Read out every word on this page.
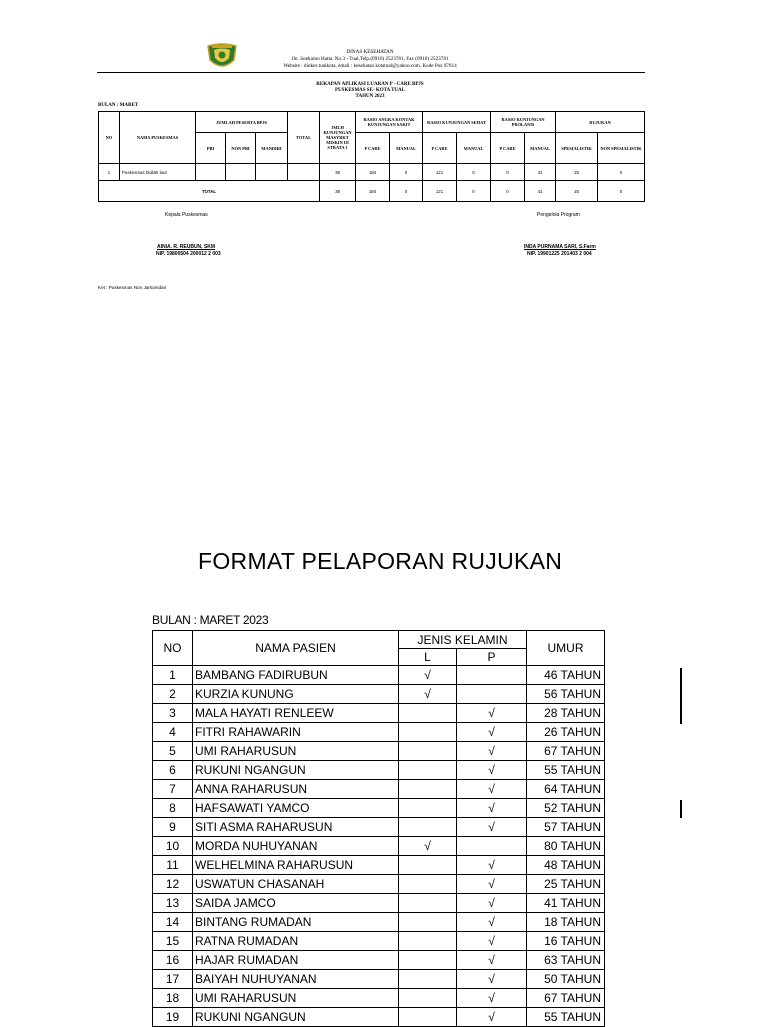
DINAS KESEHATAN
Jln. Soekarno Hatta. No.3 - Tual,Telp.(0916) 2523781, Fax (0916) 2523781
Website : dinkes tualkota, email : kesehatan kotatual@yahoo.com, Kode Pos 97614
REKAPAN APLIKASI LUARAN P - CARE BPJS
PUSKESMAS SE- KOTA TUAL
TAHUN 2023
BULAN : MARET
NO	NAMA PUSKESMAS	JUMLAH PESERTA BPJS			TOTAL	JMLH KUNJUNGAN MASYRKT MISKIN DI STRATA 1	RASIO ANGKA KONTAK KUNJUNGAN SAKIT		RASIO KUNJUNGAN SEHAT		RASIO KUNJUNGAN PROLANIS		RUJUKAN	
		PBI	NON PBI	MANDIRI			P CARE	MANUAL	P CARE	MANUAL	P CARE	MANUAL	SPESIALISTIK	NON SPESIALISTIK
1	Puskesmas Dullah laut					39	184	0	121	0	0	41	25	0
TOTAL						39	184	0	121	0	0	41	25	0
Kepala Puskesmas
AINIA. R. REUBUN, SKM
NIP. 19800504 200012 2 003
Pengelola Program
INDA PURNAMA SARI, S.Farm
NIP. 19901225 201403 2 004
Ket : Puskesmas Non Jarkomdari
FORMAT PELAPORAN RUJUKAN
BULAN : MARET 2023
NO	NAMA PASIEN	JENIS KELAMIN		UMUR
		L	P	
1	BAMBANG FADIRUBUN	√		46 TAHUN
2	KURZIA KUNUNG	√		56 TAHUN
3	MALA HAYATI RENLEEW		√	28 TAHUN
4	FITRI RAHAWARIN		√	26 TAHUN
5	UMI RAHARUSUN		√	67 TAHUN
6	RUKUNI NGANGUN		√	55 TAHUN
7	ANNA RAHARUSUN		√	64 TAHUN
8	HAFSAWATI YAMCO		√	52 TAHUN
9	SITI ASMA RAHARUSUN		√	57 TAHUN
10	MORDA NUHUYANAN	√		80 TAHUN
11	WELHELMINA RAHARUSUN		√	48 TAHUN
12	USWATUN CHASANAH		√	25 TAHUN
13	SAIDA JAMCO		√	41 TAHUN
14	BINTANG RUMADAN		√	18 TAHUN
15	RATNA RUMADAN		√	16 TAHUN
16	HAJAR RUMADAN		√	63 TAHUN
17	BAIYAH NUHUYANAN		√	50 TAHUN
18	UMI RAHARUSUN		√	67 TAHUN
19	RUKUNI NGANGUN		√	55 TAHUN
